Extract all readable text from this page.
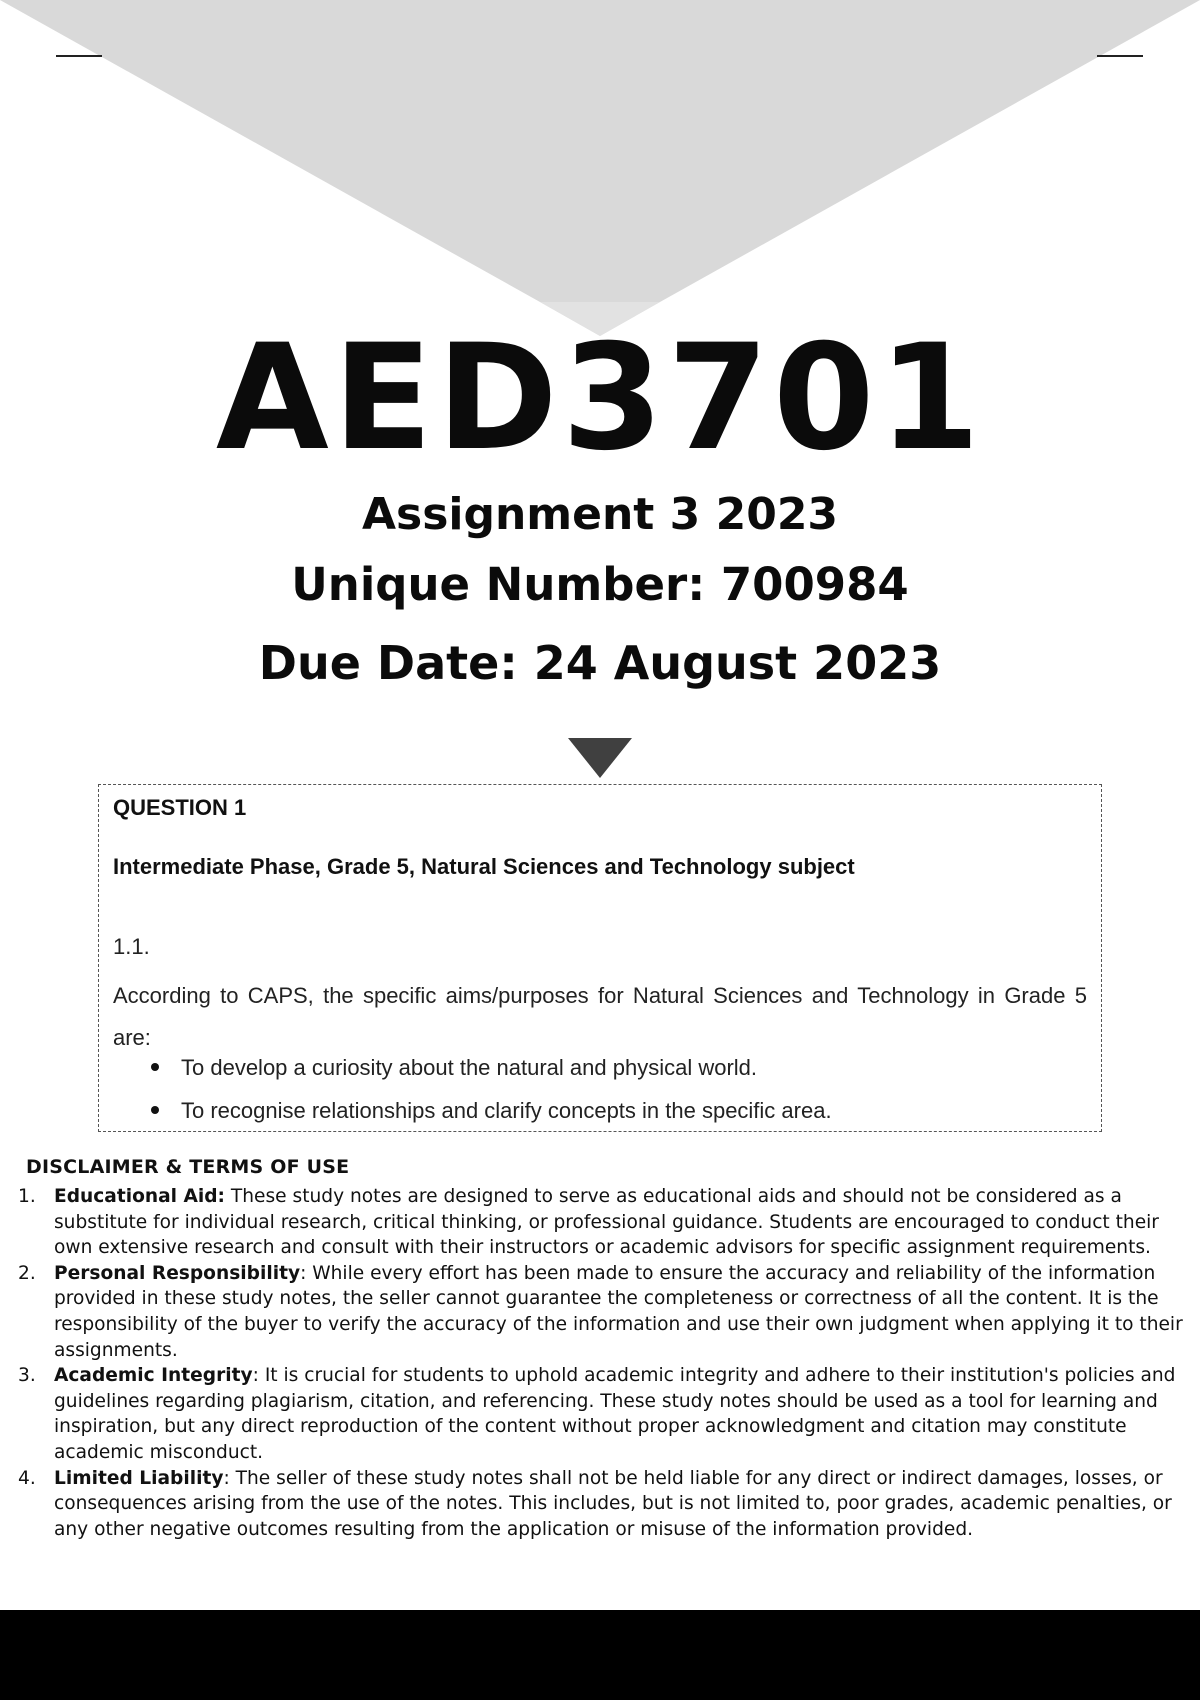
AED3701
Assignment 3 2023
Unique Number: 700984
Due Date: 24 August 2023
QUESTION 1
Intermediate Phase, Grade 5, Natural Sciences and Technology subject
1.1.
According to CAPS, the specific aims/purposes for Natural Sciences and Technology in Grade 5 are:
To develop a curiosity about the natural and physical world.
To recognise relationships and clarify concepts in the specific area.
DISCLAIMER & TERMS OF USE
1. Educational Aid: These study notes are designed to serve as educational aids and should not be considered as a substitute for individual research, critical thinking, or professional guidance. Students are encouraged to conduct their own extensive research and consult with their instructors or academic advisors for specific assignment requirements.
2. Personal Responsibility: While every effort has been made to ensure the accuracy and reliability of the information provided in these study notes, the seller cannot guarantee the completeness or correctness of all the content. It is the responsibility of the buyer to verify the accuracy of the information and use their own judgment when applying it to their assignments.
3. Academic Integrity: It is crucial for students to uphold academic integrity and adhere to their institution's policies and guidelines regarding plagiarism, citation, and referencing. These study notes should be used as a tool for learning and inspiration, but any direct reproduction of the content without proper acknowledgment and citation may constitute academic misconduct.
4. Limited Liability: The seller of these study notes shall not be held liable for any direct or indirect damages, losses, or consequences arising from the use of the notes. This includes, but is not limited to, poor grades, academic penalties, or any other negative outcomes resulting from the application or misuse of the information provided.
